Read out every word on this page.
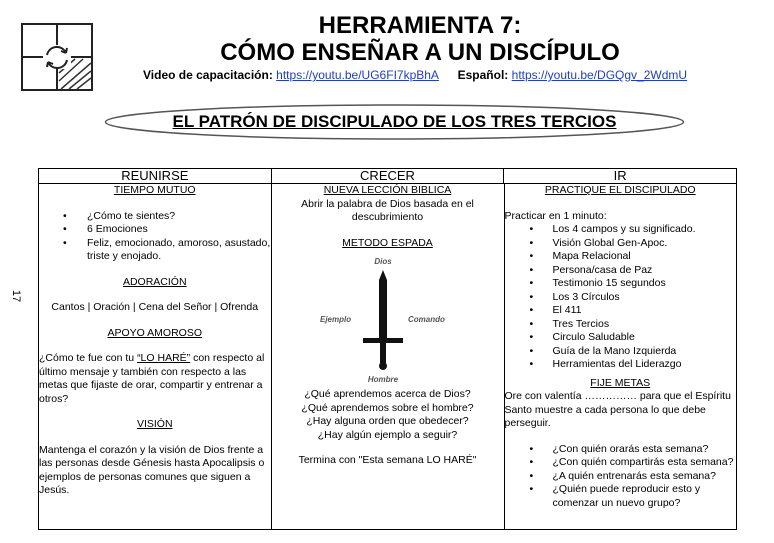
HERRAMIENTA 7:
CÓMO ENSEÑAR A UN DISCÍPULO
Video de capacitación: https://youtu.be/UG6FI7kpBhA Español: https://youtu.be/DGQgv_2WdmU
EL PATRÓN DE DISCIPULADO DE LOS TRES TERCIOS
17
REUNIRSE	CRECER	IR
TIEMPO MUTUO
• ¿Cómo te sientes?
• 6 Emociones
• Feliz, emocionado, amoroso, asustado, triste y enojado.
ADORACIÓN
Cantos | Oración | Cena del Señor | Ofrenda
APOYO AMOROSO
¿Cómo te fue con tu “LO HARÉ” con respecto al último mensaje y también con respecto a las metas que fijaste de orar, compartir y entrenar a otros?
VISIÓN
Mantenga el corazón y la visión de Dios frente a las personas desde Génesis hasta Apocalipsis o ejemplos de personas comunes que siguen a Jesús.
NUEVA LECCIÓN BIBLICA
Abrir la palabra de Dios basada en el descubrimiento
METODO ESPADA
Dios
Ejemplo	Comando
Hombre
¿Qué aprendemos acerca de Dios?
¿Qué aprendemos sobre el hombre?
¿Hay alguna orden que obedecer?
¿Hay algún ejemplo a seguir?
Termina con "Esta semana LO HARÉ"
PRACTIQUE EL DISCIPULADO
Practicar en 1 minuto:
• Los 4 campos y su significado.
• Visión Global Gen-Apoc.
• Mapa Relacional
• Persona/casa de Paz
• Testimonio 15 segundos
• Los 3 Círculos
• El 411
• Tres Tercios
• Circulo Saludable
• Guía de la Mano Izquierda
• Herramientas del Liderazgo
FIJE METAS
Ore con valentía …………… para que el Espíritu Santo muestre a cada persona lo que debe perseguir.
• ¿Con quién orarás esta semana?
• ¿Con quién compartirás esta semana?
• ¿A quién entrenarás esta semana?
• ¿Quién puede reproducir esto y comenzar un nuevo grupo?
